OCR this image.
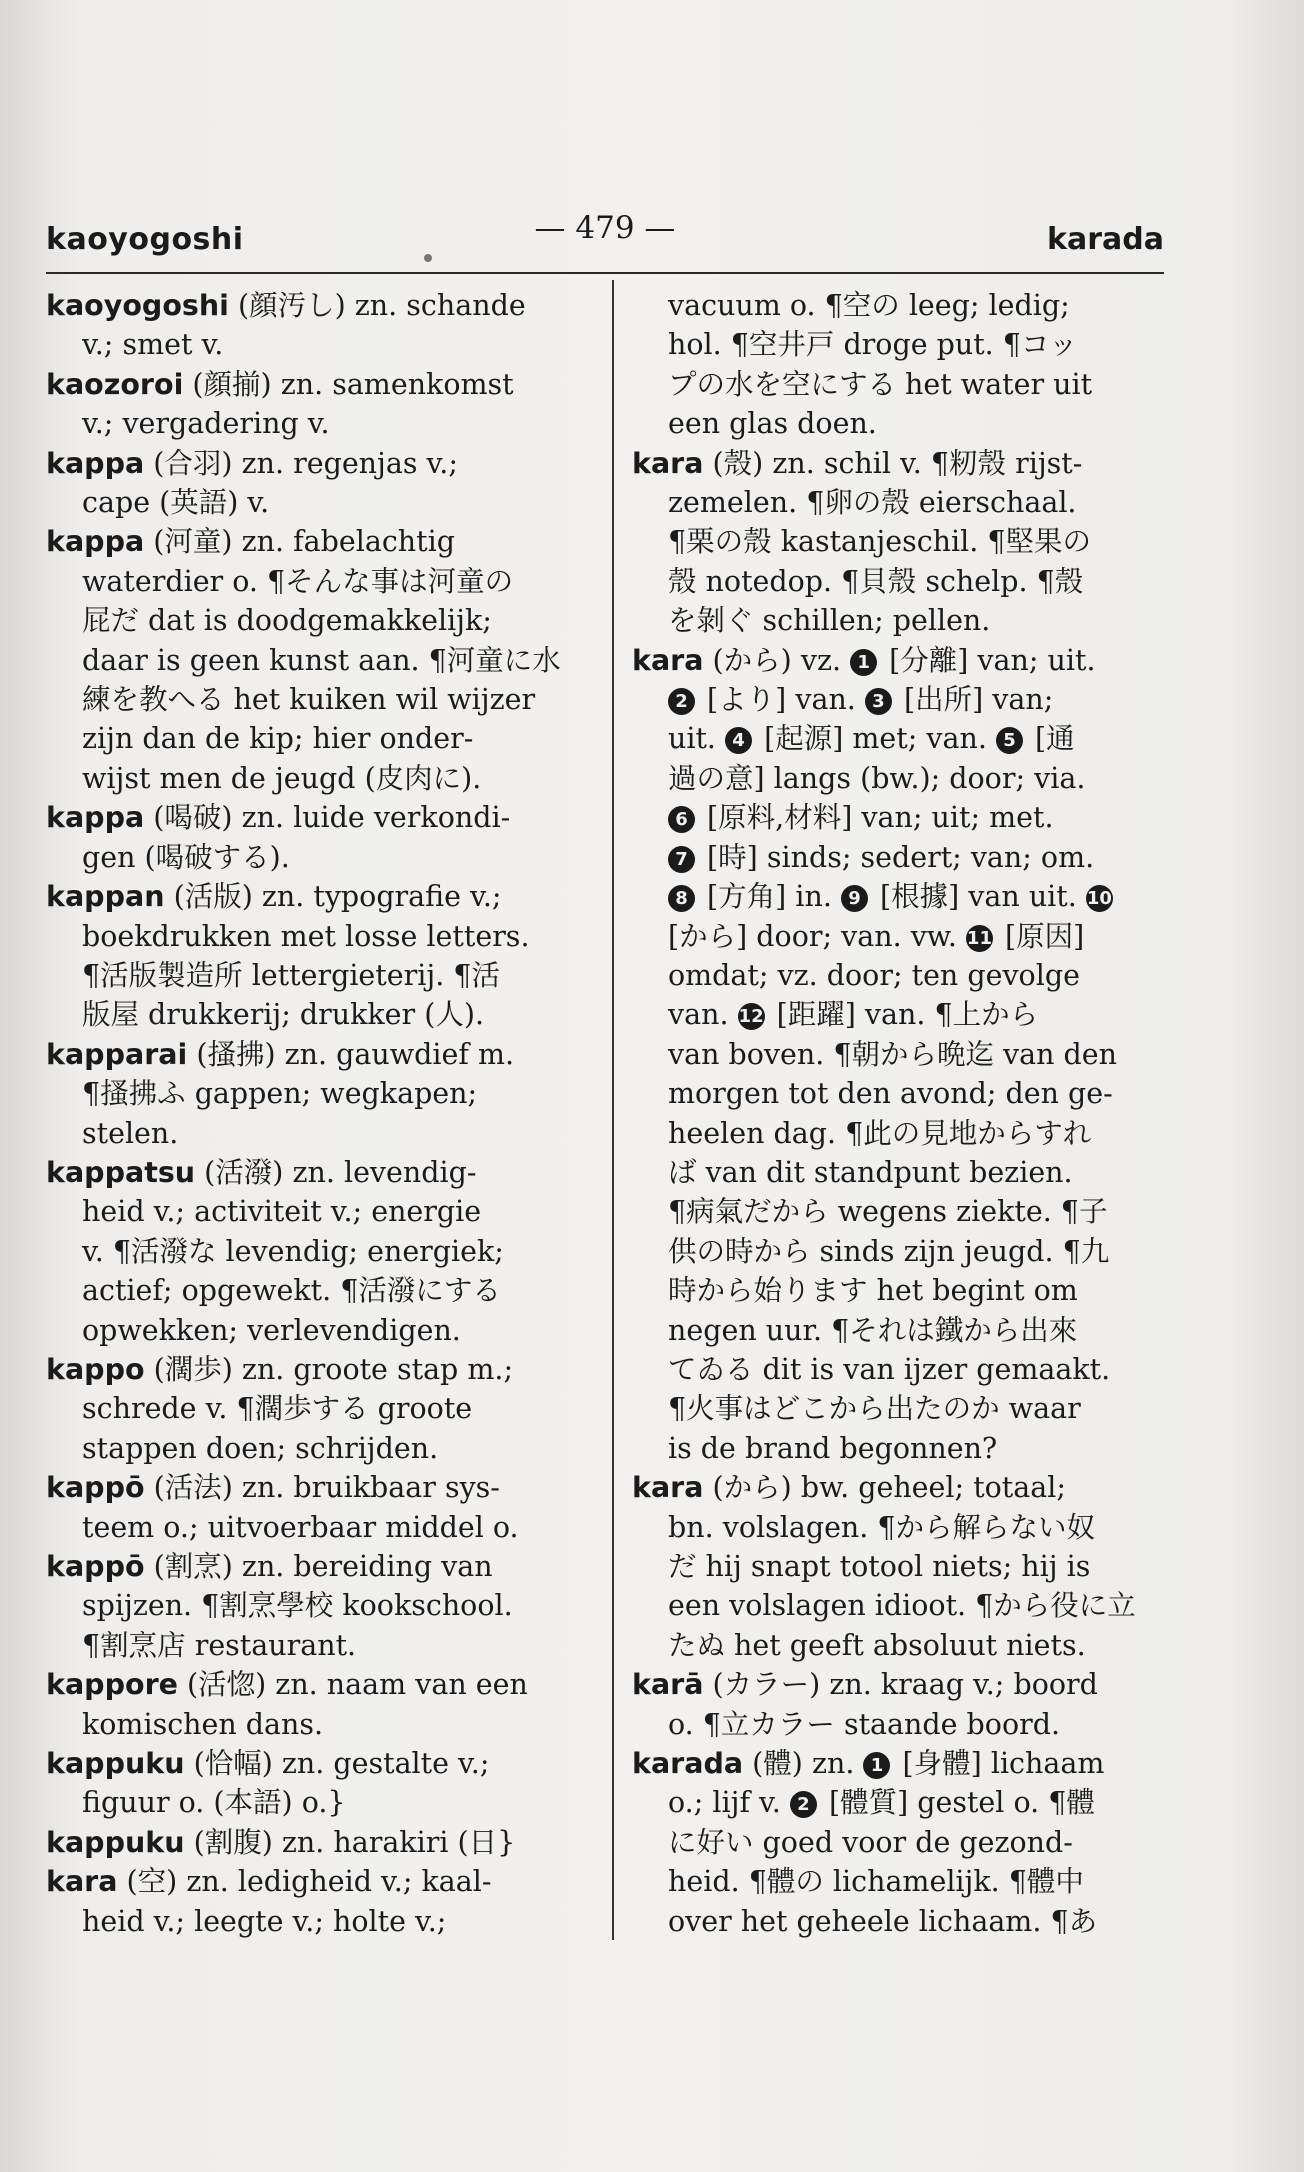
kaoyogoshi	— 479 —	karada
kaoyogoshi (顔汚し) zn. schande
v.; smet v.
kaozoroi (顔揃) zn. samenkomst
v.; vergadering v.
kappa (合羽) zn. regenjas v.;
cape (英語) v.
kappa (河童) zn. fabelachtig
waterdier o. ¶そんな事は河童の
屁だ dat is doodgemakkelijk;
daar is geen kunst aan. ¶河童に水
練を教へる het kuiken wil wijzer
zijn dan de kip; hier onder-
wijst men de jeugd (皮肉に).
kappa (喝破) zn. luide verkondi-
gen (喝破する).
kappan (活版) zn. typografie v.;
boekdrukken met losse letters.
¶活版製造所 lettergieterij. ¶活
版屋 drukkerij; drukker (人).
kapparai (搔拂) zn. gauwdief m.
¶搔拂ふ gappen; wegkapen;
stelen.
kappatsu (活潑) zn. levendig-
heid v.; activiteit v.; energie
v. ¶活潑な levendig; energiek;
actief; opgewekt. ¶活潑にする
opwekken; verlevendigen.
kappo (濶歩) zn. groote stap m.;
schrede v. ¶濶歩する groote
stappen doen; schrijden.
kappō (活法) zn. bruikbaar sys-
teem o.; uitvoerbaar middel o.
kappō (割烹) zn. bereiding van
spijzen. ¶割烹學校 kookschool.
¶割烹店 restaurant.
kappore (活惚) zn. naam van een
komischen dans.
kappuku (恰幅) zn. gestalte v.;
figuur o. (本語) o.}
kappuku (割腹) zn. harakiri (日}
kara (空) zn. ledigheid v.; kaal-
heid v.; leegte v.; holte v.;
vacuum o. ¶空の leeg; ledig;
hol. ¶空井戸 droge put. ¶コッ
プの水を空にする het water uit
een glas doen.
kara (殼) zn. schil v. ¶籾殼 rijst-
zemelen. ¶卵の殼 eierschaal.
¶栗の殼 kastanjeschil. ¶堅果の
殼 notedop. ¶貝殼 schelp. ¶殼
を剝ぐ schillen; pellen.
kara (から) vz. 1 [分離] van; uit.
2 [より] van. 3 [出所] van;
uit. 4 [起源] met; van. 5 [通
過の意] langs (bw.); door; via.
6 [原料,材料] van; uit; met.
7 [時] sinds; sedert; van; om.
8 [方角] in. 9 [根據] van uit. 10
[から] door; van. vw. 11 [原因]
omdat; vz. door; ten gevolge
van. 12 [距躍] van. ¶上から
van boven. ¶朝から晩迄 van den
morgen tot den avond; den ge-
heelen dag. ¶此の見地からすれ
ば van dit standpunt bezien.
¶病氣だから wegens ziekte. ¶子
供の時から sinds zijn jeugd. ¶九
時から始ります het begint om
negen uur. ¶それは鐵から出來
てゐる dit is van ijzer gemaakt.
¶火事はどこから出たのか waar
is de brand begonnen?
kara (から) bw. geheel; totaal;
bn. volslagen. ¶から解らない奴
だ hij snapt totool niets; hij is
een volslagen idioot. ¶から役に立
たぬ het geeft absoluut niets.
karā (カラー) zn. kraag v.; boord
o. ¶立カラー staande boord.
karada (體) zn. 1 [身體] lichaam
o.; lijf v. 2 [體質] gestel o. ¶體
に好い goed voor de gezond-
heid. ¶體の lichamelijk. ¶體中
over het geheele lichaam. ¶あ
